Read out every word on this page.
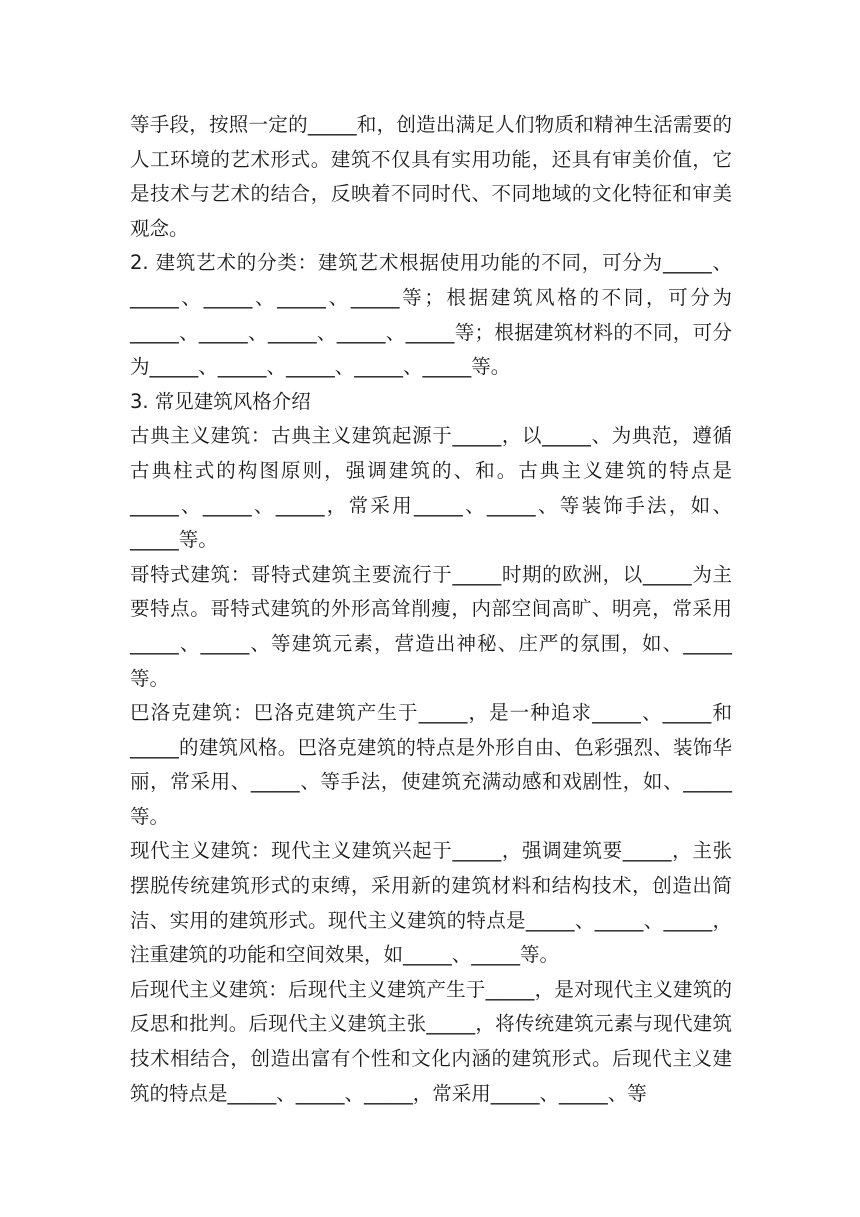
等手段，按照一定的_____和，创造出满足人们物质和精神生活需要的人工环境的艺术形式。建筑不仅具有实用功能，还具有审美价值，它是技术与艺术的结合，反映着不同时代、不同地域的文化特征和审美观念。

2. 建筑艺术的分类：建筑艺术根据使用功能的不同，可分为_____、_____、_____、_____、_____等；根据建筑风格的不同，可分为_____、_____、_____、_____、_____等；根据建筑材料的不同，可分为_____、_____、_____、_____、_____等。

3. 常见建筑风格介绍

古典主义建筑：古典主义建筑起源于_____，以_____、为典范，遵循古典柱式的构图原则，强调建筑的、和。古典主义建筑的特点是_____、_____、_____，常采用_____、_____、等装饰手法，如、_____等。

哥特式建筑：哥特式建筑主要流行于_____时期的欧洲，以_____为主要特点。哥特式建筑的外形高耸削瘦，内部空间高旷、明亮，常采用_____、_____、等建筑元素，营造出神秘、庄严的氛围，如、_____等。

巴洛克建筑：巴洛克建筑产生于_____，是一种追求_____、_____和_____的建筑风格。巴洛克建筑的特点是外形自由、色彩强烈、装饰华丽，常采用、_____、等手法，使建筑充满动感和戏剧性，如、_____等。

现代主义建筑：现代主义建筑兴起于_____，强调建筑要_____，主张摆脱传统建筑形式的束缚，采用新的建筑材料和结构技术，创造出简洁、实用的建筑形式。现代主义建筑的特点是_____、_____、_____，注重建筑的功能和空间效果，如_____、_____等。

后现代主义建筑：后现代主义建筑产生于_____，是对现代主义建筑的反思和批判。后现代主义建筑主张_____，将传统建筑元素与现代建筑技术相结合，创造出富有个性和文化内涵的建筑形式。后现代主义建筑的特点是_____、_____、_____，常采用_____、_____、等
